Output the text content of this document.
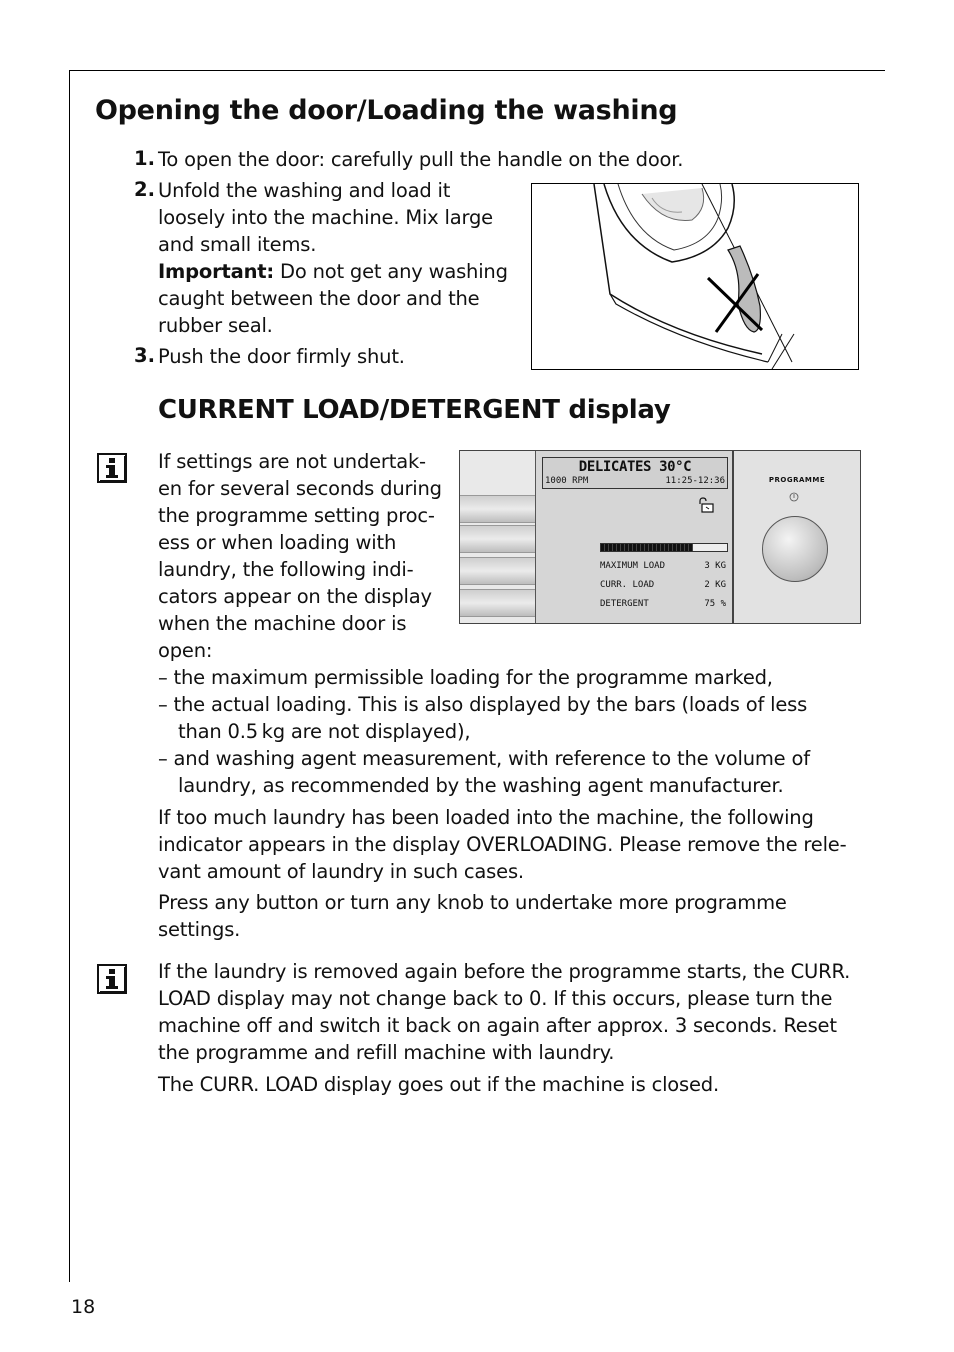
Opening the door/Loading the washing
1. To open the door: carefully pull the handle on the door.
2. Unfold the washing and load it
loosely into the machine. Mix large
and small items.
Important: Do not get any washing
caught between the door and the
rubber seal.
3. Push the door firmly shut.
CURRENT LOAD/DETERGENT display
If settings are not undertak-
en for several seconds during
the programme setting proc-
ess or when loading with
laundry, the following indi-
cators appear on the display
when the machine door is
open:
DELICATES 30°C
1000 RPM	11:25-12:36
MAXIMUM LOAD	3 KG
CURR. LOAD	2 KG
DETERGENT	75 %
PROGRAMME
– the maximum permissible loading for the programme marked,
– the actual loading. This is also displayed by the bars (loads of less
than 0.5 kg are not displayed),
– and washing agent measurement, with reference to the volume of
laundry, as recommended by the washing agent manufacturer.
If too much laundry has been loaded into the machine, the following
indicator appears in the display OVERLOADING. Please remove the rele-
vant amount of laundry in such cases.
Press any button or turn any knob to undertake more programme
settings.
If the laundry is removed again before the programme starts, the CURR.
LOAD display may not change back to 0. If this occurs, please turn the
machine off and switch it back on again after approx. 3 seconds. Reset
the programme and refill machine with laundry.
The CURR. LOAD display goes out if the machine is closed.
18
